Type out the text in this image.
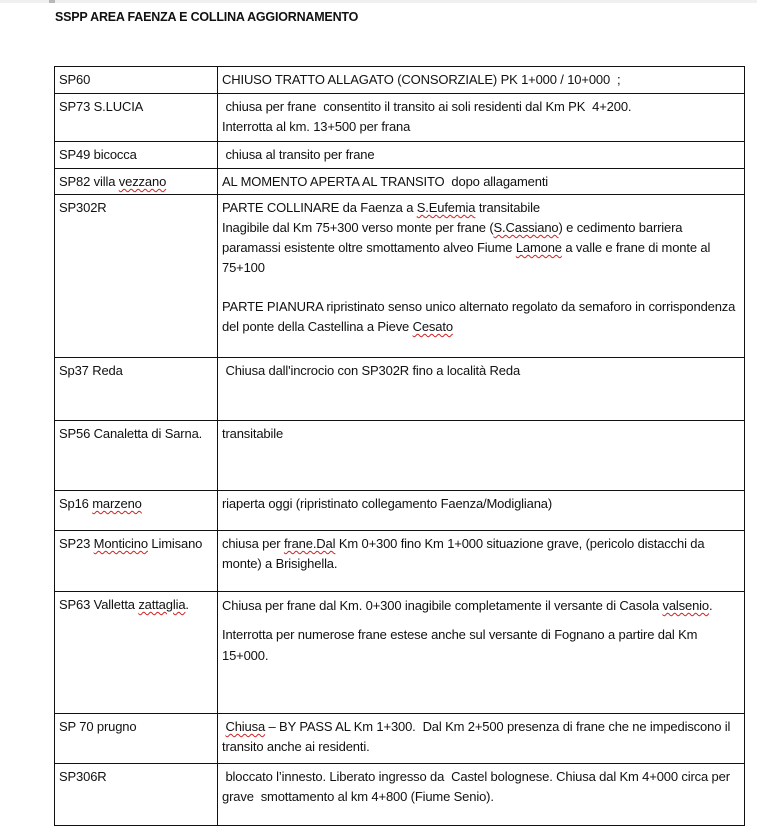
SSPP AREA FAENZA E COLLINA AGGIORNAMENTO
SP60	CHIUSO TRATTO ALLAGATO (CONSORZIALE) PK 1+000 / 10+000  ;

SP73 S.LUCIA	chiusa per frane  consentito il transito ai soli residenti dal Km PK  4+200.
Interrotta al km. 13+500 per frana

SP49 bicocca	chiusa al transito per frane

SP82 villa vezzano	AL MOMENTO APERTA AL TRANSITO  dopo allagamenti

SP302R	PARTE COLLINARE da Faenza a S.Eufemia transitabile
Inagibile dal Km 75+300 verso monte per frane (S.Cassiano) e cedimento barriera paramassi esistente oltre smottamento alveo Fiume Lamone a valle e frane di monte al 75+100
PARTE PIANURA ripristinato senso unico alternato regolato da semaforo in corrispondenza del ponte della Castellina a Pieve Cesato

Sp37 Reda	Chiusa dall'incrocio con SP302R fino a località Reda

SP56 Canaletta di Sarna.	transitabile

Sp16 marzeno	riaperta oggi (ripristinato collegamento Faenza/Modigliana)

SP23 Monticino Limisano	chiusa per frane.Dal Km 0+300 fino Km 1+000 situazione grave, (pericolo distacchi da monte) a Brisighella.

SP63 Valletta zattaglia.	Chiusa per frane dal Km. 0+300 inagibile completamente il versante di Casola valsenio.
Interrotta per numerose frane estese anche sul versante di Fognano a partire dal Km 15+000.

SP 70 prugno	Chiusa – BY PASS AL Km 1+300.  Dal Km 2+500 presenza di frane che ne impediscono il transito anche ai residenti.

SP306R	bloccato l’innesto. Liberato ingresso da  Castel bolognese. Chiusa dal Km 4+000 circa per grave  smottamento al km 4+800 (Fiume Senio).
